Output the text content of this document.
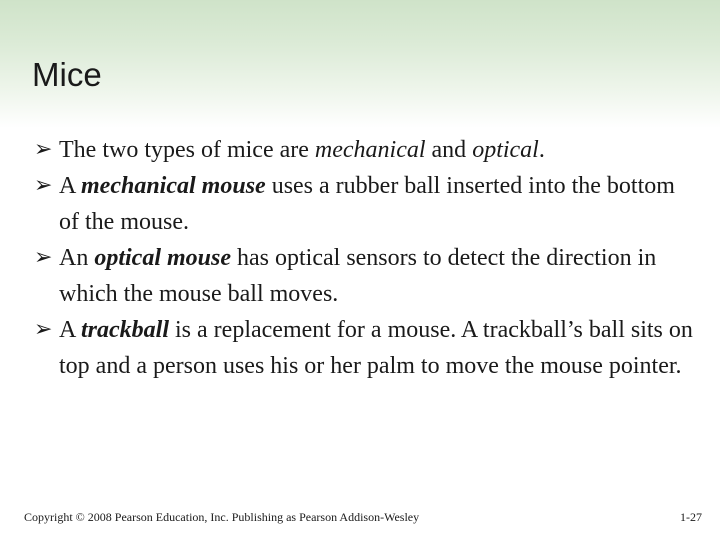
Mice
➢ The two types of mice are mechanical and optical.
➢ A mechanical mouse uses a rubber ball inserted into the bottom of the mouse.
➢ An optical mouse has optical sensors to detect the direction in which the mouse ball moves.
➢ A trackball is a replacement for a mouse. A trackball’s ball sits on top and a person uses his or her palm to move the mouse pointer.
Copyright © 2008 Pearson Education, Inc. Publishing as Pearson Addison-Wesley	1-27
